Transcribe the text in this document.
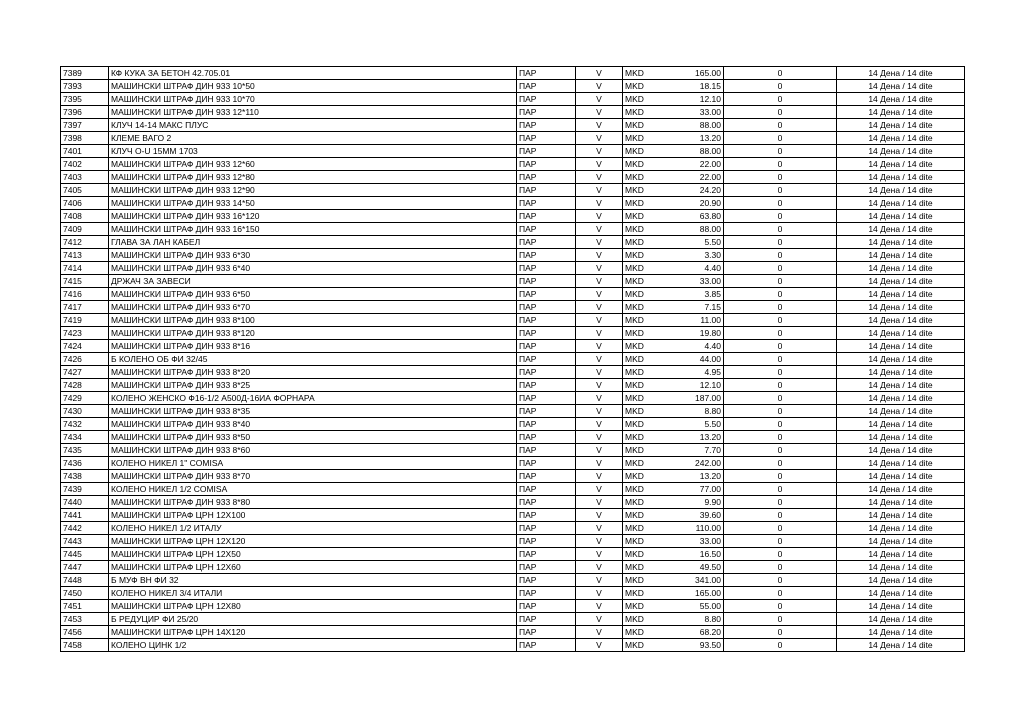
7389	КФ КУКА ЗА БЕТОН 42.705.01	ПАР	V	MKD	165.00	0	14 Дена / 14 dite
7393	МАШИНСКИ ШТРАФ ДИН 933 10*50	ПАР	V	MKD	18.15	0	14 Дена / 14 dite
7395	МАШИНСКИ ШТРАФ ДИН 933 10*70	ПАР	V	MKD	12.10	0	14 Дена / 14 dite
7396	МАШИНСКИ ШТРАФ ДИН 933 12*110	ПАР	V	MKD	33.00	0	14 Дена / 14 dite
7397	КЛУЧ 14-14 МАКС ПЛУС	ПАР	V	MKD	88.00	0	14 Дена / 14 dite
7398	КЛЕМЕ ВАГО 2	ПАР	V	MKD	13.20	0	14 Дена / 14 dite
7401	КЛУЧ O-U 15MM 1703	ПАР	V	MKD	88.00	0	14 Дена / 14 dite
7402	МАШИНСКИ ШТРАФ ДИН 933 12*60	ПАР	V	MKD	22.00	0	14 Дена / 14 dite
7403	МАШИНСКИ ШТРАФ ДИН 933 12*80	ПАР	V	MKD	22.00	0	14 Дена / 14 dite
7405	МАШИНСКИ ШТРАФ ДИН 933 12*90	ПАР	V	MKD	24.20	0	14 Дена / 14 dite
7406	МАШИНСКИ ШТРАФ ДИН 933 14*50	ПАР	V	MKD	20.90	0	14 Дена / 14 dite
7408	МАШИНСКИ ШТРАФ ДИН 933 16*120	ПАР	V	MKD	63.80	0	14 Дена / 14 dite
7409	МАШИНСКИ ШТРАФ ДИН 933 16*150	ПАР	V	MKD	88.00	0	14 Дена / 14 dite
7412	ГЛАВА ЗА ЛАН КАБЕЛ	ПАР	V	MKD	5.50	0	14 Дена / 14 dite
7413	МАШИНСКИ ШТРАФ ДИН 933 6*30	ПАР	V	MKD	3.30	0	14 Дена / 14 dite
7414	МАШИНСКИ ШТРАФ ДИН 933 6*40	ПАР	V	MKD	4.40	0	14 Дена / 14 dite
7415	ДРЖАЧ ЗА ЗАВЕСИ	ПАР	V	MKD	33.00	0	14 Дена / 14 dite
7416	МАШИНСКИ ШТРАФ ДИН 933 6*50	ПАР	V	MKD	3.85	0	14 Дена / 14 dite
7417	МАШИНСКИ ШТРАФ ДИН 933 6*70	ПАР	V	MKD	7.15	0	14 Дена / 14 dite
7419	МАШИНСКИ ШТРАФ ДИН 933 8*100	ПАР	V	MKD	11.00	0	14 Дена / 14 dite
7423	МАШИНСКИ ШТРАФ ДИН 933 8*120	ПАР	V	MKD	19.80	0	14 Дена / 14 dite
7424	МАШИНСКИ ШТРАФ ДИН 933 8*16	ПАР	V	MKD	4.40	0	14 Дена / 14 dite
7426	Б КОЛЕНО ОБ ФИ 32/45	ПАР	V	MKD	44.00	0	14 Дена / 14 dite
7427	МАШИНСКИ ШТРАФ ДИН 933 8*20	ПАР	V	MKD	4.95	0	14 Дена / 14 dite
7428	МАШИНСКИ ШТРАФ ДИН 933 8*25	ПАР	V	MKD	12.10	0	14 Дена / 14 dite
7429	КОЛЕНО ЖЕНСКО Ф16-1/2 A500Д-16ИА ФОРНАРА	ПАР	V	MKD	187.00	0	14 Дена / 14 dite
7430	МАШИНСКИ ШТРАФ ДИН 933 8*35	ПАР	V	MKD	8.80	0	14 Дена / 14 dite
7432	МАШИНСКИ ШТРАФ ДИН 933 8*40	ПАР	V	MKD	5.50	0	14 Дена / 14 dite
7434	МАШИНСКИ ШТРАФ ДИН 933 8*50	ПАР	V	MKD	13.20	0	14 Дена / 14 dite
7435	МАШИНСКИ ШТРАФ ДИН 933 8*60	ПАР	V	MKD	7.70	0	14 Дена / 14 dite
7436	КОЛЕНО НИКЕЛ 1" COMISA	ПАР	V	MKD	242.00	0	14 Дена / 14 dite
7438	МАШИНСКИ ШТРАФ ДИН 933 8*70	ПАР	V	MKD	13.20	0	14 Дена / 14 dite
7439	КОЛЕНО НИКЕЛ 1/2 COMISA	ПАР	V	MKD	77.00	0	14 Дена / 14 dite
7440	МАШИНСКИ ШТРАФ ДИН 933 8*80	ПАР	V	MKD	9.90	0	14 Дена / 14 dite
7441	МАШИНСКИ ШТРАФ ЦРН 12X100	ПАР	V	MKD	39.60	0	14 Дена / 14 dite
7442	КОЛЕНО НИКЕЛ 1/2 ИТАЛУ	ПАР	V	MKD	110.00	0	14 Дена / 14 dite
7443	МАШИНСКИ ШТРАФ ЦРН 12X120	ПАР	V	MKD	33.00	0	14 Дена / 14 dite
7445	МАШИНСКИ ШТРАФ ЦРН 12X50	ПАР	V	MKD	16.50	0	14 Дена / 14 dite
7447	МАШИНСКИ ШТРАФ ЦРН 12X60	ПАР	V	MKD	49.50	0	14 Дена / 14 dite
7448	Б МУФ ВН ФИ 32	ПАР	V	MKD	341.00	0	14 Дена / 14 dite
7450	КОЛЕНО НИКЕЛ 3/4 ИТАЛИ	ПАР	V	MKD	165.00	0	14 Дена / 14 dite
7451	МАШИНСКИ ШТРАФ ЦРН 12X80	ПАР	V	MKD	55.00	0	14 Дена / 14 dite
7453	Б РЕДУЦИР ФИ 25/20	ПАР	V	MKD	8.80	0	14 Дена / 14 dite
7456	МАШИНСКИ ШТРАФ ЦРН 14X120	ПАР	V	MKD	68.20	0	14 Дена / 14 dite
7458	КОЛЕНО ЦИНК 1/2	ПАР	V	MKD	93.50	0	14 Дена / 14 dite
